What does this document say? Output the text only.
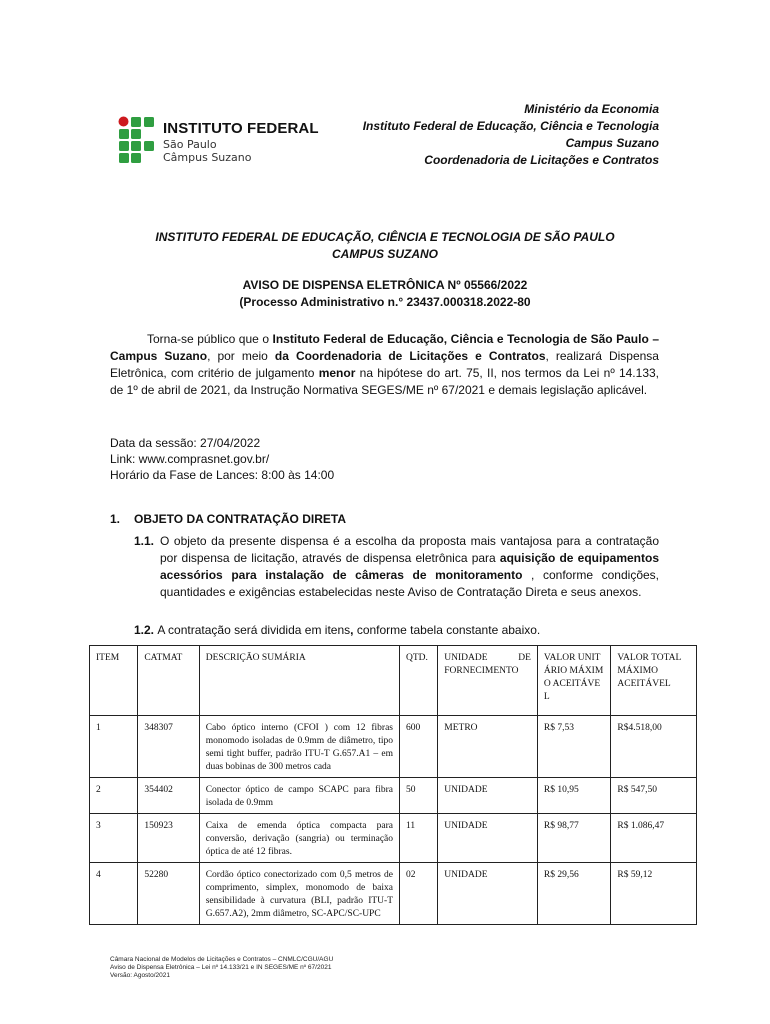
INSTITUTO FEDERAL
São Paulo
Câmpus Suzano
Ministério da Economia
Instituto Federal de Educação, Ciência e Tecnologia
Campus Suzano
Coordenadoria de Licitações e Contratos
INSTITUTO FEDERAL DE EDUCAÇÃO, CIÊNCIA E TECNOLOGIA DE SÃO PAULO
CAMPUS SUZANO
AVISO DE DISPENSA ELETRÔNICA Nº 05566/2022
(Processo Administrativo n.° 23437.000318.2022-80
Torna-se público que o Instituto Federal de Educação, Ciência e Tecnologia de São Paulo – Campus Suzano, por meio da Coordenadoria de Licitações e Contratos, realizará Dispensa Eletrônica, com critério de julgamento menor na hipótese do art. 75, II, nos termos da Lei nº 14.133, de 1º de abril de 2021, da Instrução Normativa SEGES/ME nº 67/2021 e demais legislação aplicável.
Data da sessão: 27/04/2022
Link: www.comprasnet.gov.br/
Horário da Fase de Lances: 8:00 às 14:00
1. OBJETO DA CONTRATAÇÃO DIRETA
1.1. O objeto da presente dispensa é a escolha da proposta mais vantajosa para a contratação por dispensa de licitação, através de dispensa eletrônica para aquisição de equipamentos acessórios para instalação de câmeras de monitoramento , conforme condições, quantidades e exigências estabelecidas neste Aviso de Contratação Direta e seus anexos.
1.2. A contratação será dividida em itens, conforme tabela constante abaixo.
ITEM	CATMAT	DESCRIÇÃO SUMÁRIA	QTD.	UNIDADE DE FORNECIMENTO	VALOR UNITÁRIO MÁXIMO ACEITÁVEL	VALOR TOTAL MÁXIMO ACEITÁVEL
1	348307	Cabo óptico interno (CFOI ) com 12 fibras monomodo isoladas de 0.9mm de diâmetro, tipo semi tight buffer, padrão ITU-T G.657.A1 – em duas bobinas de 300 metros cada	600	METRO	R$ 7,53	R$4.518,00
2	354402	Conector óptico de campo SCAPC para fibra isolada de 0.9mm	50	UNIDADE	R$ 10,95	R$ 547,50
3	150923	Caixa de emenda óptica compacta para conversão, derivação (sangria) ou terminação óptica de até 12 fibras.	11	UNIDADE	R$ 98,77	R$ 1.086,47
4	52280	Cordão óptico conectorizado com 0,5 metros de comprimento, simplex, monomodo de baixa sensibilidade à curvatura (BLI, padrão ITU-T G.657.A2), 2mm diâmetro, SC-APC/SC-UPC	02	UNIDADE	R$ 29,56	R$ 59,12
Câmara Nacional de Modelos de Licitações e Contratos – CNMLC/CGU/AGU
Aviso de Dispensa Eletrônica – Lei nº 14.133/21 e IN SEGES/ME nº 67/2021
Versão: Agosto/2021
